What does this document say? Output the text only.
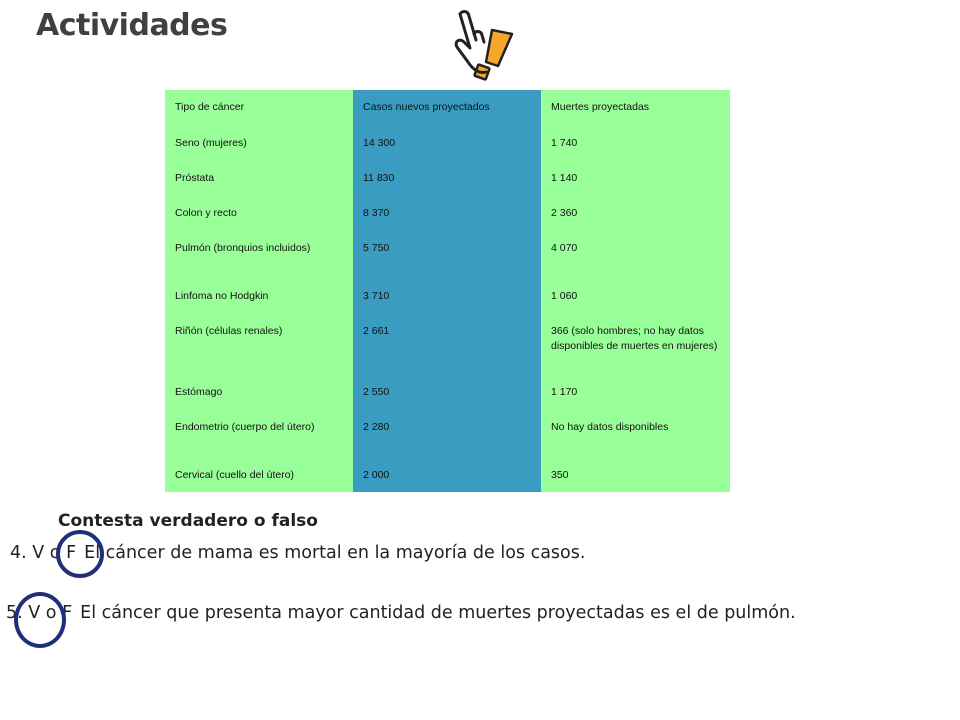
Actividades
Tipo de cáncer	Casos nuevos proyectados	Muertes proyectadas
Seno (mujeres)	14 300	1 740
Próstata	11 830	1 140
Colon y recto	8 370	2 360
Pulmón (bronquios incluidos)	5 750	4 070
Linfoma no Hodgkin	3 710	1 060
Riñón (células renales)	2 661	366 (solo hombres; no hay datos disponibles de muertes en mujeres)
Estómago	2 550	1 170
Endometrio (cuerpo del útero)	2 280	No hay datos disponibles
Cervical (cuello del útero)	2 000	350
Contesta verdadero o falso
4. V o F El cáncer de mama es mortal en la mayoría de los casos.
5. V o F El cáncer que presenta mayor cantidad de muertes proyectadas es el de pulmón.
